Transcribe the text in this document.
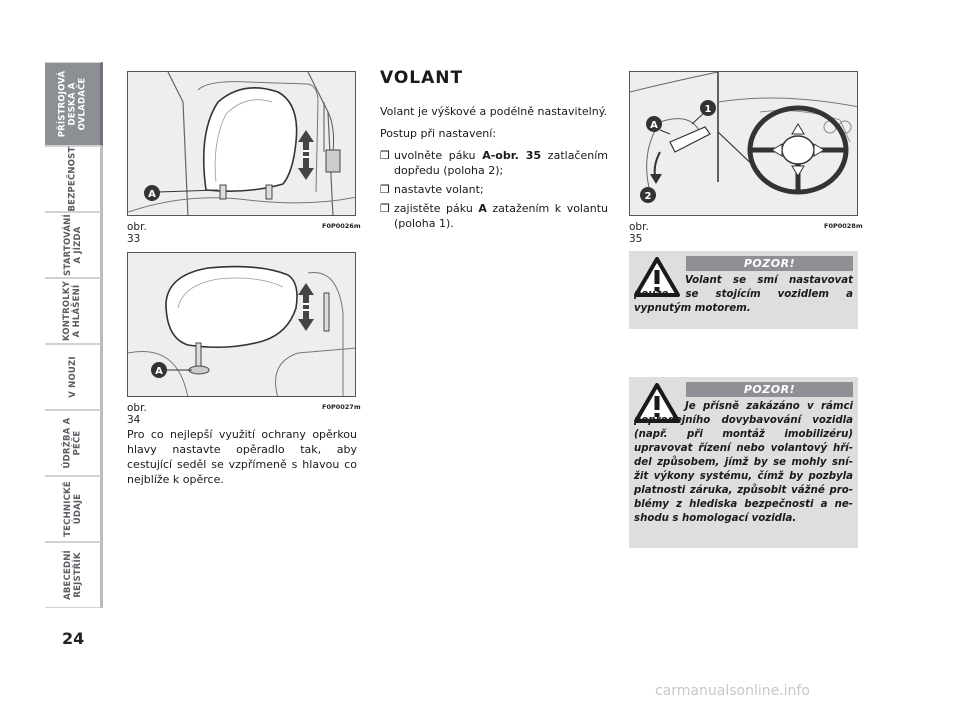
PŘÍSTROJOVÁ
DESKA A
OVLADAČE
BEZPEČNOST
STARTOVÁNÍ
A JÍZDA
KONTROLKY
A HLÁŠENÍ
V NOUZI
ÚDRŽBA A
PÉČE
TECHNICKÉ
ÚDAJE
ABECEDNÍ
REJSTŘÍK
24
A
obr. 33
F0P0026m
A
obr. 34
F0P0027m
Pro co nejlepší využití ochrany opěrkou hlavy nastavte opěradlo tak, aby cestující seděl se vzpřímeně s hlavou co nejblíže k opěrce.
VOLANT
Volant je výškové a podélně nastavitelný.
Postup při nastavení:
❒ uvolněte páku A-obr. 35 zatlačením dopředu (poloha 2);
❒ nastavte volant;
❒ zajistěte páku A zatažením k volantu (poloha 1).
1
A
2
obr. 35
F0P0028m
POZOR!
Volant se smí nastavovat pouze se stojícím vozidlem a vypnutým motorem.
POZOR!
Je přísně zakázáno v rámci poprodejního dovybavování vozidla (např. při montáž imobilizéru) upravovat řízení nebo volantový hří-del způsobem, jímž by se mohly sní-žit výkony systému, čímž by pozbyla platnosti záruka, způsobit vážné pro-blémy z hlediska bezpečnosti a ne-shodu s homologací vozidla.
carmanualsonline.info
